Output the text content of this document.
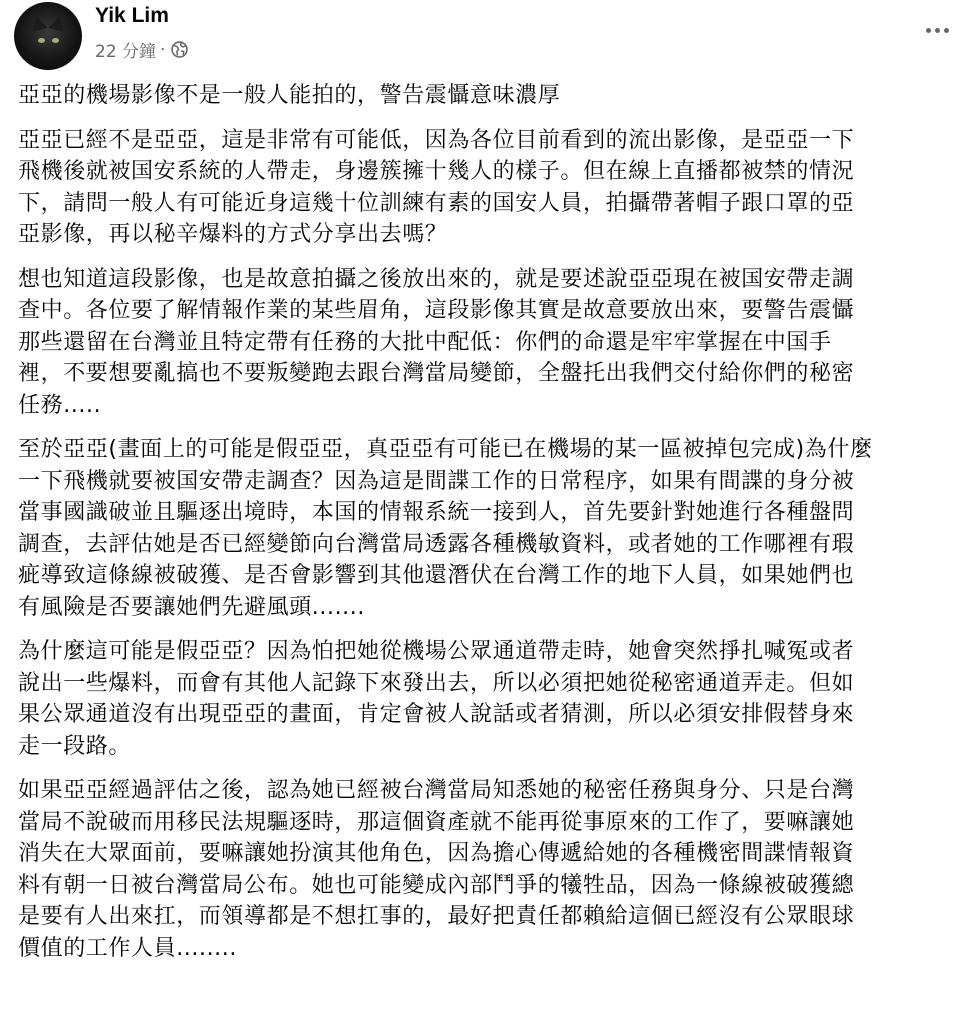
Yik Lim
22 分鐘 ·

亞亞的機場影像不是一般人能拍的，警告震懾意味濃厚

亞亞已經不是亞亞，這是非常有可能低，因為各位目前看到的流出影像，是亞亞一下
飛機後就被国安系統的人帶走，身邊簇擁十幾人的樣子。但在線上直播都被禁的情況
下，請問一般人有可能近身這幾十位訓練有素的国安人員，拍攝帶著帽子跟口罩的亞
亞影像，再以秘辛爆料的方式分享出去嗎？

想也知道這段影像，也是故意拍攝之後放出來的，就是要述說亞亞現在被国安帶走調
查中。各位要了解情報作業的某些眉角，這段影像其實是故意要放出來，要警告震懾
那些還留在台灣並且特定帶有任務的大批中配低：你們的命還是牢牢掌握在中国手
裡，不要想要亂搞也不要叛變跑去跟台灣當局變節，全盤托出我們交付給你們的秘密
任務.....

至於亞亞(畫面上的可能是假亞亞，真亞亞有可能已在機場的某一區被掉包完成)為什麼
一下飛機就要被国安帶走調查？因為這是間諜工作的日常程序，如果有間諜的身分被
當事國識破並且驅逐出境時，本国的情報系統一接到人，首先要針對她進行各種盤問
調查，去評估她是否已經變節向台灣當局透露各種機敏資料，或者她的工作哪裡有瑕
疵導致這條線被破獲、是否會影響到其他還潛伏在台灣工作的地下人員，如果她們也
有風險是否要讓她們先避風頭.......

為什麼這可能是假亞亞？因為怕把她從機場公眾通道帶走時，她會突然掙扎喊冤或者
說出一些爆料，而會有其他人記錄下來發出去，所以必須把她從秘密通道弄走。但如
果公眾通道沒有出現亞亞的畫面，肯定會被人說話或者猜測，所以必須安排假替身來
走一段路。

如果亞亞經過評估之後，認為她已經被台灣當局知悉她的秘密任務與身分、只是台灣
當局不說破而用移民法規驅逐時，那這個資產就不能再從事原來的工作了，要嘛讓她
消失在大眾面前，要嘛讓她扮演其他角色，因為擔心傳遞給她的各種機密間諜情報資
料有朝一日被台灣當局公布。她也可能變成內部鬥爭的犧牲品，因為一條線被破獲總
是要有人出來扛，而領導都是不想扛事的，最好把責任都賴給這個已經沒有公眾眼球
價值的工作人員........
